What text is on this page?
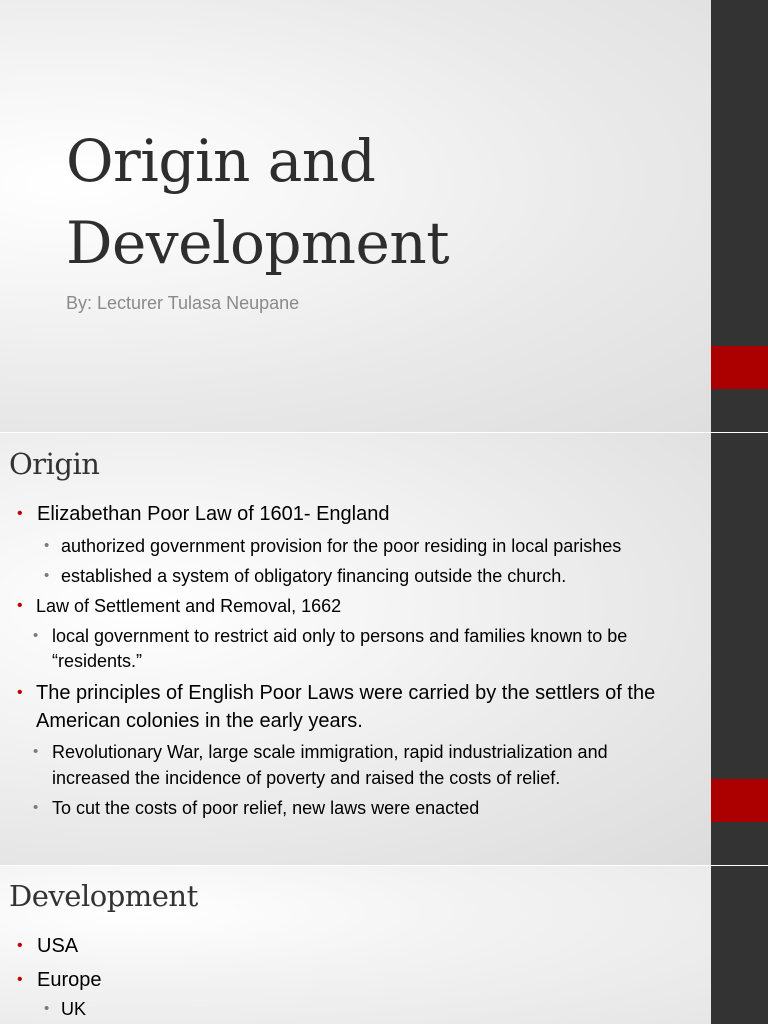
Origin and
Development
By: Lecturer Tulasa Neupane
Origin
• Elizabethan Poor Law of 1601- England
• authorized government provision for the poor residing in local parishes
• established a system of obligatory financing outside the church.
• Law of Settlement and Removal, 1662
• local government to restrict aid only to persons and families known to be
“residents.”
• The principles of English Poor Laws were carried by the settlers of the
American colonies in the early years.
• Revolutionary War, large scale immigration, rapid industrialization and
increased the incidence of poverty and raised the costs of relief.
• To cut the costs of poor relief, new laws were enacted
Development
• USA
• Europe
• UK
